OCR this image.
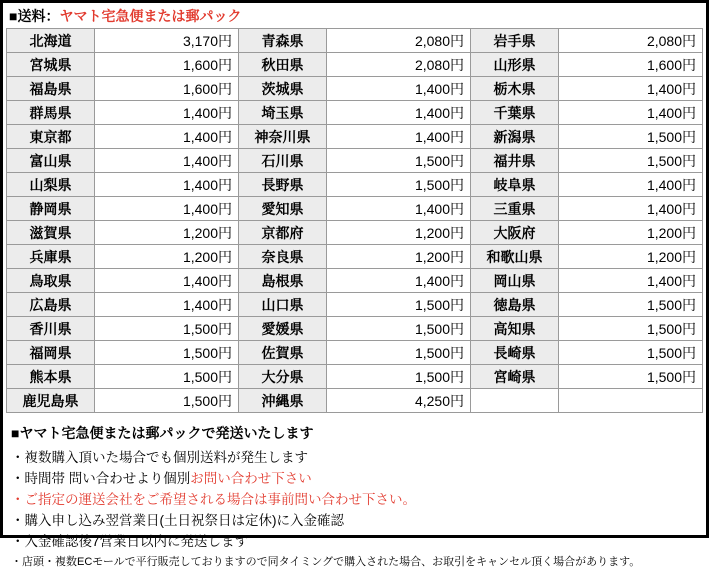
■送料：ヤマト宅急便または郵パック
北海道	3,170円	青森県	2,080円	岩手県	2,080円
宮城県	1,600円	秋田県	2,080円	山形県	1,600円
福島県	1,600円	茨城県	1,400円	栃木県	1,400円
群馬県	1,400円	埼玉県	1,400円	千葉県	1,400円
東京都	1,400円	神奈川県	1,400円	新潟県	1,500円
富山県	1,400円	石川県	1,500円	福井県	1,500円
山梨県	1,400円	長野県	1,500円	岐阜県	1,400円
静岡県	1,400円	愛知県	1,400円	三重県	1,400円
滋賀県	1,200円	京都府	1,200円	大阪府	1,200円
兵庫県	1,200円	奈良県	1,200円	和歌山県	1,200円
鳥取県	1,400円	島根県	1,400円	岡山県	1,400円
広島県	1,400円	山口県	1,500円	徳島県	1,500円
香川県	1,500円	愛媛県	1,500円	高知県	1,500円
福岡県	1,500円	佐賀県	1,500円	長崎県	1,500円
熊本県	1,500円	大分県	1,500円	宮崎県	1,500円
鹿児島県	1,500円	沖縄県	4,250円		
■ヤマト宅急便または郵パックで発送いたします
・複数購入頂いた場合でも個別送料が発生します
・時間帯 問い合わせより個別お問い合わせ下さい
・ご指定の運送会社をご希望される場合は事前問い合わせ下さい。
・購入申し込み翌営業日(土日祝祭日は定休)に入金確認
・入金確認後7営業日以内に発送します
・店頭・複数ECモールで平行販売しておりますので同タイミングで購入された場合、お取引をキャンセル頂く場合があります。
